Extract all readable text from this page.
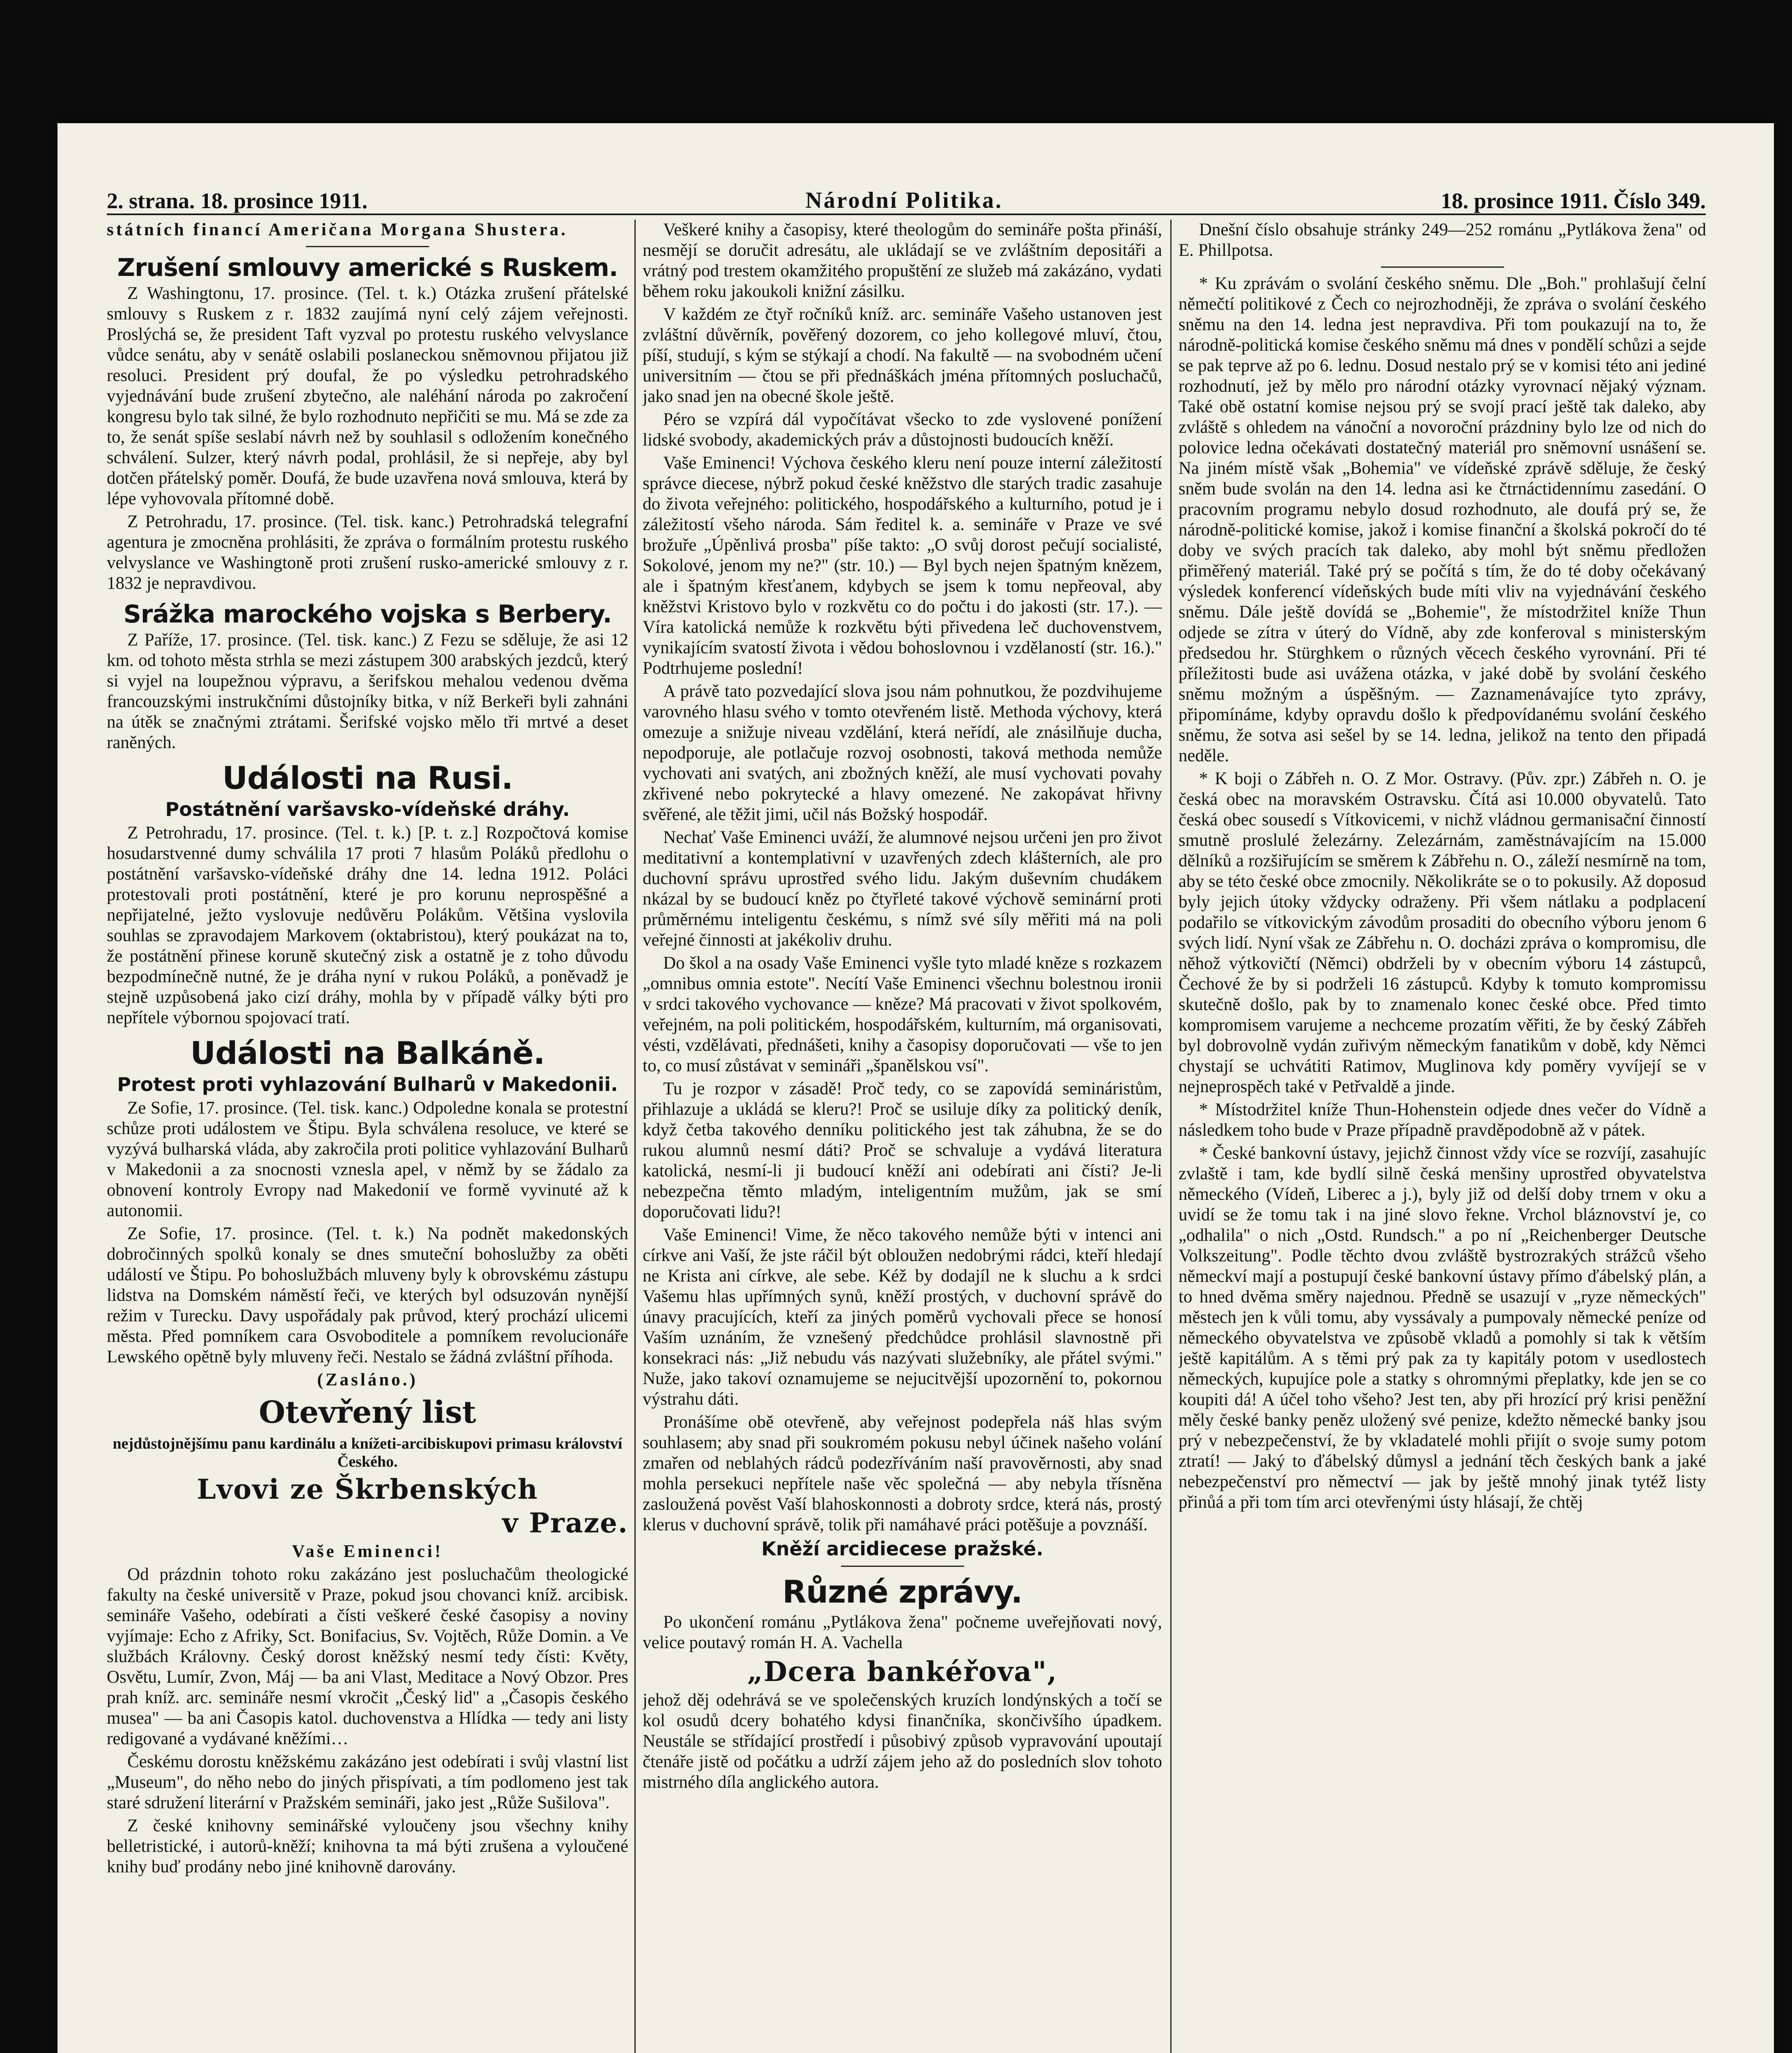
2. strana. 18. prosince 1911.	Národní Politika.	18. prosince 1911. Číslo 349.

státních financí Američana Morgana Shustera.

Zrušení smlouvy americké s Ruskem.

Z Washingtonu, 17. prosince. (Tel. t. k.) Otázka zrušení přátelské smlouvy s Ruskem z r. 1832 zaujímá nyní celý zájem veřejnosti. Proslýchá se, že president Taft vyzval po protestu ruského velvyslance vůdce senátu, aby v senátě oslabili poslaneckou sněmovnou přijatou již resoluci. President prý doufal, že po výsledku petrohradského vyjednávání bude zrušení zbytečno, ale naléhání národa po zakročení kongresu bylo tak silné, že bylo rozhodnuto nepřičiti se mu. Má se zde za to, že senát spíše seslabí návrh než by souhlasil s odložením konečného schválení. Sulzer, který návrh podal, prohlásil, že si nepřeje, aby byl dotčen přátelský poměr. Doufá, že bude uzavřena nová smlouva, která by lépe vyhovovala přítomné době.

Z Petrohradu, 17. prosince. (Tel. tisk. kanc.) Petrohradská telegrafní agentura je zmocněna prohlásiti, že zpráva o formálním protestu ruského velvyslance ve Washingtoně proti zrušení rusko-americké smlouvy z r. 1832 je nepravdivou.

Srážka marockého vojska s Berbery.

Z Paříže, 17. prosince. (Tel. tisk. kanc.) Z Fezu se sděluje, že asi 12 km. od tohoto města strhla se mezi zástupem 300 arabských jezdců, který si vyjel na loupežnou výpravu, a šerifskou mehalou vedenou dvěma francouzskými instrukčními důstojníky bitka, v níž Berkeři byli zahnáni na útěk se značnými ztrátami. Šerifské vojsko mělo tři mrtvé a deset raněných.

Události na Rusi.
Postátnění varšavsko-vídeňské dráhy.

Z Petrohradu, 17. prosince. (Tel. t. k.) [P. t. z.] Rozpočtová komise hosudarstvenné dumy schválila 17 proti 7 hlasům Poláků předlohu o postátnění varšavsko-vídeňské dráhy dne 14. ledna 1912. Poláci protestovali proti postátnění, které je pro korunu neprospěšné a nepřijatelné, ježto vyslovuje nedůvěru Polákům. Většina vyslovila souhlas se zpravodajem Markovem (oktabristou), který poukázat na to, že postátnění přinese koruně skutečný zisk a ostatně je z toho důvodu bezpodmínečně nutné, že je dráha nyní v rukou Poláků, a poněvadž je stejně uzpůsobená jako cizí dráhy, mohla by v případě války býti pro nepřítele výbornou spojovací tratí.

Události na Balkáně.
Protest proti vyhlazování Bulharů v Makedonii.

Ze Sofie, 17. prosince. (Tel. tisk. kanc.) Odpoledne konala se protestní schůze proti událostem ve Štipu. Byla schválena resoluce, ve které se vyzývá bulharská vláda, aby zakročila proti politice vyhlazování Bulharů v Makedonii a za snocnosti vznesla apel, v němž by se žádalo za obnovení kontroly Evropy nad Makedonií ve formě vyvinuté až k autonomii.

Ze Sofie, 17. prosince. (Tel. t. k.) Na podnět makedonských dobročinných spolků konaly se dnes smuteční bohoslužby za oběti událostí ve Štipu. Po bohoslužbách mluveny byly k obrovskému zástupu lidstva na Domském náměstí řeči, ve kterých byl odsuzován nynější režim v Turecku. Davy uspořádaly pak průvod, který prochází ulicemi města. Před pomníkem cara Osvoboditele a pomníkem revolucionáře Lewského opětně byly mluveny řeči. Nestalo se žádná zvláštní příhoda.

(Zasláno.)

Otevřený list

nejdůstojnějšímu panu kardinálu a knížeti-arcibiskupovi primasu království Českého.

Lvovi ze Škrbenských
v Praze.

Vaše Eminenci!

Od prázdnin tohoto roku zakázáno jest posluchačům theologické fakulty na české universitě v Praze, pokud jsou chovanci kníž. arcibisk. semináře Vašeho, odebírati a čísti veškeré české časopisy a noviny vyjímaje: Echo z Afriky, Sct. Bonifacius, Sv. Vojtěch, Růže Domin. a Ve službách Královny. Český dorost kněžský nesmí tedy čísti: Květy, Osvětu, Lumír, Zvon, Máj — ba ani Vlast, Meditace a Nový Obzor. Pres prah kníž. arc. semináře nesmí vkročit „Český lid" a „Časopis českého musea" — ba ani Časopis katol. duchovenstva a Hlídka — tedy ani listy redigované a vydávané kněžími…

Českému dorostu kněžskému zakázáno jest odebírati i svůj vlastní list „Museum", do něho nebo do jiných přispívati, a tím podlomeno jest tak staré sdružení literární v Pražském semináři, jako jest „Růže Sušilova".

Z české knihovny seminářské vyloučeny jsou všechny knihy belletristické, i autorů-kněží; knihovna ta má býti zrušena a vyloučené knihy buď prodány nebo jiné knihovně darovány.

Veškeré knihy a časopisy, které theologům do semináře pošta přináší, nesmějí se doručit adresátu, ale ukládají se ve zvláštním depositáři a vrátný pod trestem okamžitého propuštění ze služeb má zakázáno, vydati během roku jakoukoli knižní zásilku.

V každém ze čtyř ročníků kníž. arc. semináře Vašeho ustanoven jest zvláštní důvěrník, pověřený dozorem, co jeho kollegové mluví, čtou, píší, studují, s kým se stýkají a chodí. Na fakultě — na svobodném učení universitním — čtou se při přednáškách jména přítomných posluchačů, jako snad jen na obecné škole ještě.

Péro se vzpírá dál vypočítávat všecko to zde vyslovené ponížení lidské svobody, akademických práv a důstojnosti budoucích kněží.

Vaše Eminenci! Výchova českého kleru není pouze interní záležitostí správce diecese, nýbrž pokud české kněžstvo dle starých tradic zasahuje do života veřejného: politického, hospodářského a kulturního, potud je i záležitostí všeho národa. Sám ředitel k. a. semináře v Praze ve své brožuře „Úpěnlivá prosba" píše takto: „O svůj dorost pečují socialisté, Sokolové, jenom my ne?" (str. 10.) — Byl bych nejen špatným knězem, ale i špatným křesťanem, kdybych se jsem k tomu nepřeoval, aby kněžstvi Kristovo bylo v rozkvětu co do počtu i do jakosti (str. 17.). — Víra katolická nemůže k rozkvětu býti přivedena leč duchovenstvem, vynikajícím svatostí života i vědou bohoslovnou i vzdělaností (str. 16.)." Podtrhujeme poslední!

A právě tato pozvedající slova jsou nám pohnutkou, že pozdvihujeme varovného hlasu svého v tomto otevřeném listě. Methoda výchovy, která omezuje a snižuje niveau vzdělání, která neřídí, ale znásilňuje ducha, nepodporuje, ale potlačuje rozvoj osobnosti, taková methoda nemůže vychovati ani svatých, ani zbožných kněží, ale musí vychovati povahy zkřivené nebo pokrytecké a hlavy omezené. Ne zakopávat hřivny svěřené, ale těžit jimi, učil nás Božský hospodář.

Nechať Vaše Eminenci uváží, že alumnové nejsou určeni jen pro život meditativní a kontemplativní v uzavřených zdech klášterních, ale pro duchovní správu uprostřed svého lidu. Jakým duševním chudákem nkázal by se budoucí kněz po čtyřleté takové výchově seminární proti průměrnému inteligentu českému, s nímž své síly měřiti má na poli veřejné činnosti at jakékoliv druhu.

Do škol a na osady Vaše Eminenci vyšle tyto mladé kněze s rozkazem „omnibus omnia estote". Necítí Vaše Eminenci všechnu bolestnou ironii v srdci takového vychovance — kněze? Má pracovati v život spolkovém, veřejném, na poli politickém, hospodářském, kulturním, má organisovati, vésti, vzdělávati, přednášeti, knihy a časopisy doporučovati — vše to jen to, co musí zůstávat v semináři „španělskou vsí".

Tu je rozpor v zásadě! Proč tedy, co se zapovídá semináristům, přihlazuje a ukládá se kleru?! Proč se usiluje díky za politický deník, když četba takového denníku politického jest tak záhubna, že se do rukou alumnů nesmí dáti? Proč se schvaluje a vydává literatura katolická, nesmí-li ji budoucí kněží ani odebírati ani čísti? Je-li nebezpečna těmto mladým, inteligentním mužům, jak se smí doporučovati lidu?!

Vaše Eminenci! Vime, že něco takového nemůže býti v intenci ani církve ani Vaší, že jste ráčil být obloužen nedobrými rádci, kteří hledají ne Krista ani církve, ale sebe. Kéž by dodajíl ne k sluchu a k srdci Vašemu hlas upřímných synů, kněží prostých, v duchovní správě do únavy pracujících, kteří za jiných poměrů vychovali přece se honosí Vaším uznáním, že vznešený předchůdce prohlásil slavnostně při konsekraci nás: „Již nebudu vás nazývati služebníky, ale přátel svými." Nuže, jako takoví oznamujeme se nejucitvější upozornění to, pokornou výstrahu dáti.

Pronášíme obě otevřeně, aby veřejnost podepřela náš hlas svým souhlasem; aby snad při soukromém pokusu nebyl účinek našeho volání zmařen od neblahých rádců podezříváním naší pravověrnosti, aby snad mohla persekuci nepřítele naše věc společná — aby nebyla třísněna zasloužená pověst Vaší blahoskonnosti a dobroty srdce, která nás, prostý klerus v duchovní správě, tolik při namáhavé práci potěšuje a povznáší.

Kněží arcidiecese pražské.
Různé zprávy.

Po ukončení románu „Pytlákova žena" počneme uveřejňovati nový, velice poutavý román H. A. Vachella

„Dcera bankéřova",

jehož děj odehrává se ve společenských kruzích londýnských a točí se kol osudů dcery bohatého kdysi finančníka, skončivšího úpadkem. Neustále se střídající prostředí i působivý způsob vypravování upoutají čtenáře jistě od počátku a udrží zájem jeho až do posledních slov tohoto mistrného díla anglického autora.

Dnešní číslo obsahuje stránky 249—252 románu „Pytlákova žena" od E. Phillpotsa.

* Ku zprávám o svolání českého sněmu. Dle „Boh." prohlašují čelní němečtí politikové z Čech co nejrozhodněji, že zpráva o svolání českého sněmu na den 14. ledna jest nepravdiva. Při tom poukazují na to, že národně-politická komise českého sněmu má dnes v pondělí schůzi a sejde se pak teprve až po 6. lednu. Dosud nestalo prý se v komisi této ani jediné rozhodnutí, jež by mělo pro národní otázky vyrovnací nějaký význam. Také obě ostatní komise nejsou prý se svojí prací ještě tak daleko, aby zvláště s ohledem na vánoční a novoroční prázdniny bylo lze od nich do polovice ledna očekávati dostatečný materiál pro sněmovní usnášení se. Na jiném místě však „Bohemia" ve vídeňské zprávě sděluje, že český sněm bude svolán na den 14. ledna asi ke čtrnáctidennímu zasedání. O pracovním programu nebylo dosud rozhodnuto, ale doufá prý se, že národně-politické komise, jakož i komise finanční a školská pokročí do té doby ve svých pracích tak daleko, aby mohl být sněmu předložen přiměřený materiál. Také prý se počítá s tím, že do té doby očekávaný výsledek konferencí vídeňských bude míti vliv na vyjednávání českého sněmu. Dále ještě dovídá se „Bohemie", že místodržitel kníže Thun odjede se zítra v úterý do Vídně, aby zde konferoval s ministerským předsedou hr. Stürghkem o různých věcech českého vyrovnání. Při té příležitosti bude asi uvážena otázka, v jaké době by svolání českého sněmu možným a úspěšným. — Zaznamenávajíce tyto zprávy, připomínáme, kdyby opravdu došlo k předpovídanému svolání českého sněmu, že sotva asi sešel by se 14. ledna, jelikož na tento den připadá neděle.

* K boji o Zábřeh n. O. Z Mor. Ostravy. (Pův. zpr.) Zábřeh n. O. je česká obec na moravském Ostravsku. Čítá asi 10.000 obyvatelů. Tato česká obec sousedí s Vítkovicemi, v nichž vládnou germanisační činností smutně proslulé železárny. Zelezárnám, zaměstnávajícím na 15.000 dělníků a rozšiřujícím se směrem k Zábřehu n. O., záleží nesmírně na tom, aby se této české obce zmocnily. Několikráte se o to pokusily. Až doposud byly jejich útoky vždycky odraženy. Při všem nátlaku a podplacení podařilo se vítkovickým závodům prosaditi do obecního výboru jenom 6 svých lidí. Nyní však ze Zábřehu n. O. docházi zpráva o kompromisu, dle něhož výtkovičtí (Němci) obdrželi by v obecním výboru 14 zástupců, Čechové že by si podrželi 16 zástupců. Kdyby k tomuto kompromissu skutečně došlo, pak by to znamenalo konec české obce. Před timto kompromisem varujeme a nechceme prozatím věřiti, že by český Zábřeh byl dobrovolně vydán zuřivým německým fanatikům v době, kdy Němci chystají se uchvátiti Ratimov, Muglinova kdy poměry vyvíjejí se v nejneprospěch také v Petřvaldě a jinde.

* Místodržitel kníže Thun-Hohenstein odjede dnes večer do Vídně a následkem toho bude v Praze případně pravděpodobně až v pátek.

* České bankovní ústavy, jejichž činnost vždy více se rozvíjí, zasahujíc zvlaště i tam, kde bydlí silně česká menšiny uprostřed obyvatelstva německého (Vídeň, Liberec a j.), byly již od delší doby trnem v oku a uvidí se že tomu tak i na jiné slovo řekne. Vrchol bláznovství je, co „odhalila" o nich „Ostd. Rundsch." a po ní „Reichenberger Deutsche Volkszeitung". Podle těchto dvou zvláště bystrozrakých strážců všeho německví mají a postupují české bankovní ústavy přímo ďábelský plán, a to hned dvěma směry najednou. Předně se usazují v „ryze německých" městech jen k vůli tomu, aby vyssávaly a pumpovaly německé peníze od německého obyvatelstva ve způsobě vkladů a pomohly si tak k větším ještě kapitálům. A s těmi prý pak za ty kapitály potom v usedlostech německých, kupujíce pole a statky s ohromnými přeplatky, kde jen se co koupiti dá! A účel toho všeho? Jest ten, aby při hrozící prý krisi peněžní měly české banky peněz uložený své penize, kdežto německé banky jsou prý v nebezpečenství, že by vkladatelé mohli přijít o svoje sumy potom ztratí! — Jaký to ďábelský důmysl a jednání těch českých bank a jaké nebezpečenství pro němectví — jak by ještě mnohý jinak tytéž listy přinůá a při tom tím arci otevřenými ústy hlásají, že chtěj
